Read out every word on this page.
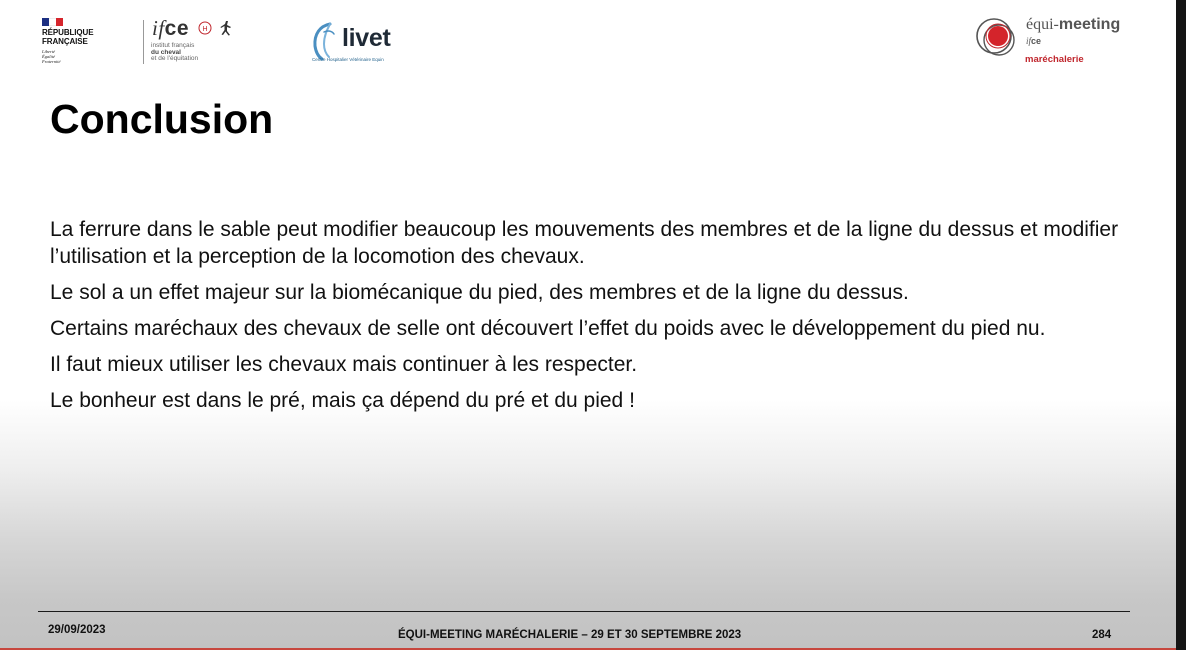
RÉPUBLIQUE
FRANÇAISE
Liberté
Égalité
Fraternité
ifce H
institut français
du cheval
et de l'équitation
livet
Centre Hospitalier Vétérinaire Equin
équi-meeting
ifce
maréchalerie
Conclusion

La ferrure dans le sable peut modifier beaucoup les mouvements des membres et de la ligne du dessus et modifier l’utilisation et la perception de la locomotion des chevaux.

Le sol a un effet majeur sur la biomécanique du pied, des membres et de la ligne du dessus.

Certains maréchaux des chevaux de selle ont découvert l’effet du poids avec le développement du pied nu.

Il faut mieux utiliser les chevaux mais continuer à les respecter.

Le bonheur est dans le pré, mais ça dépend du pré et du pied !

29/09/2023	ÉQUI-MEETING MARÉCHALERIE – 29 ET 30 SEPTEMBRE 2023	284
